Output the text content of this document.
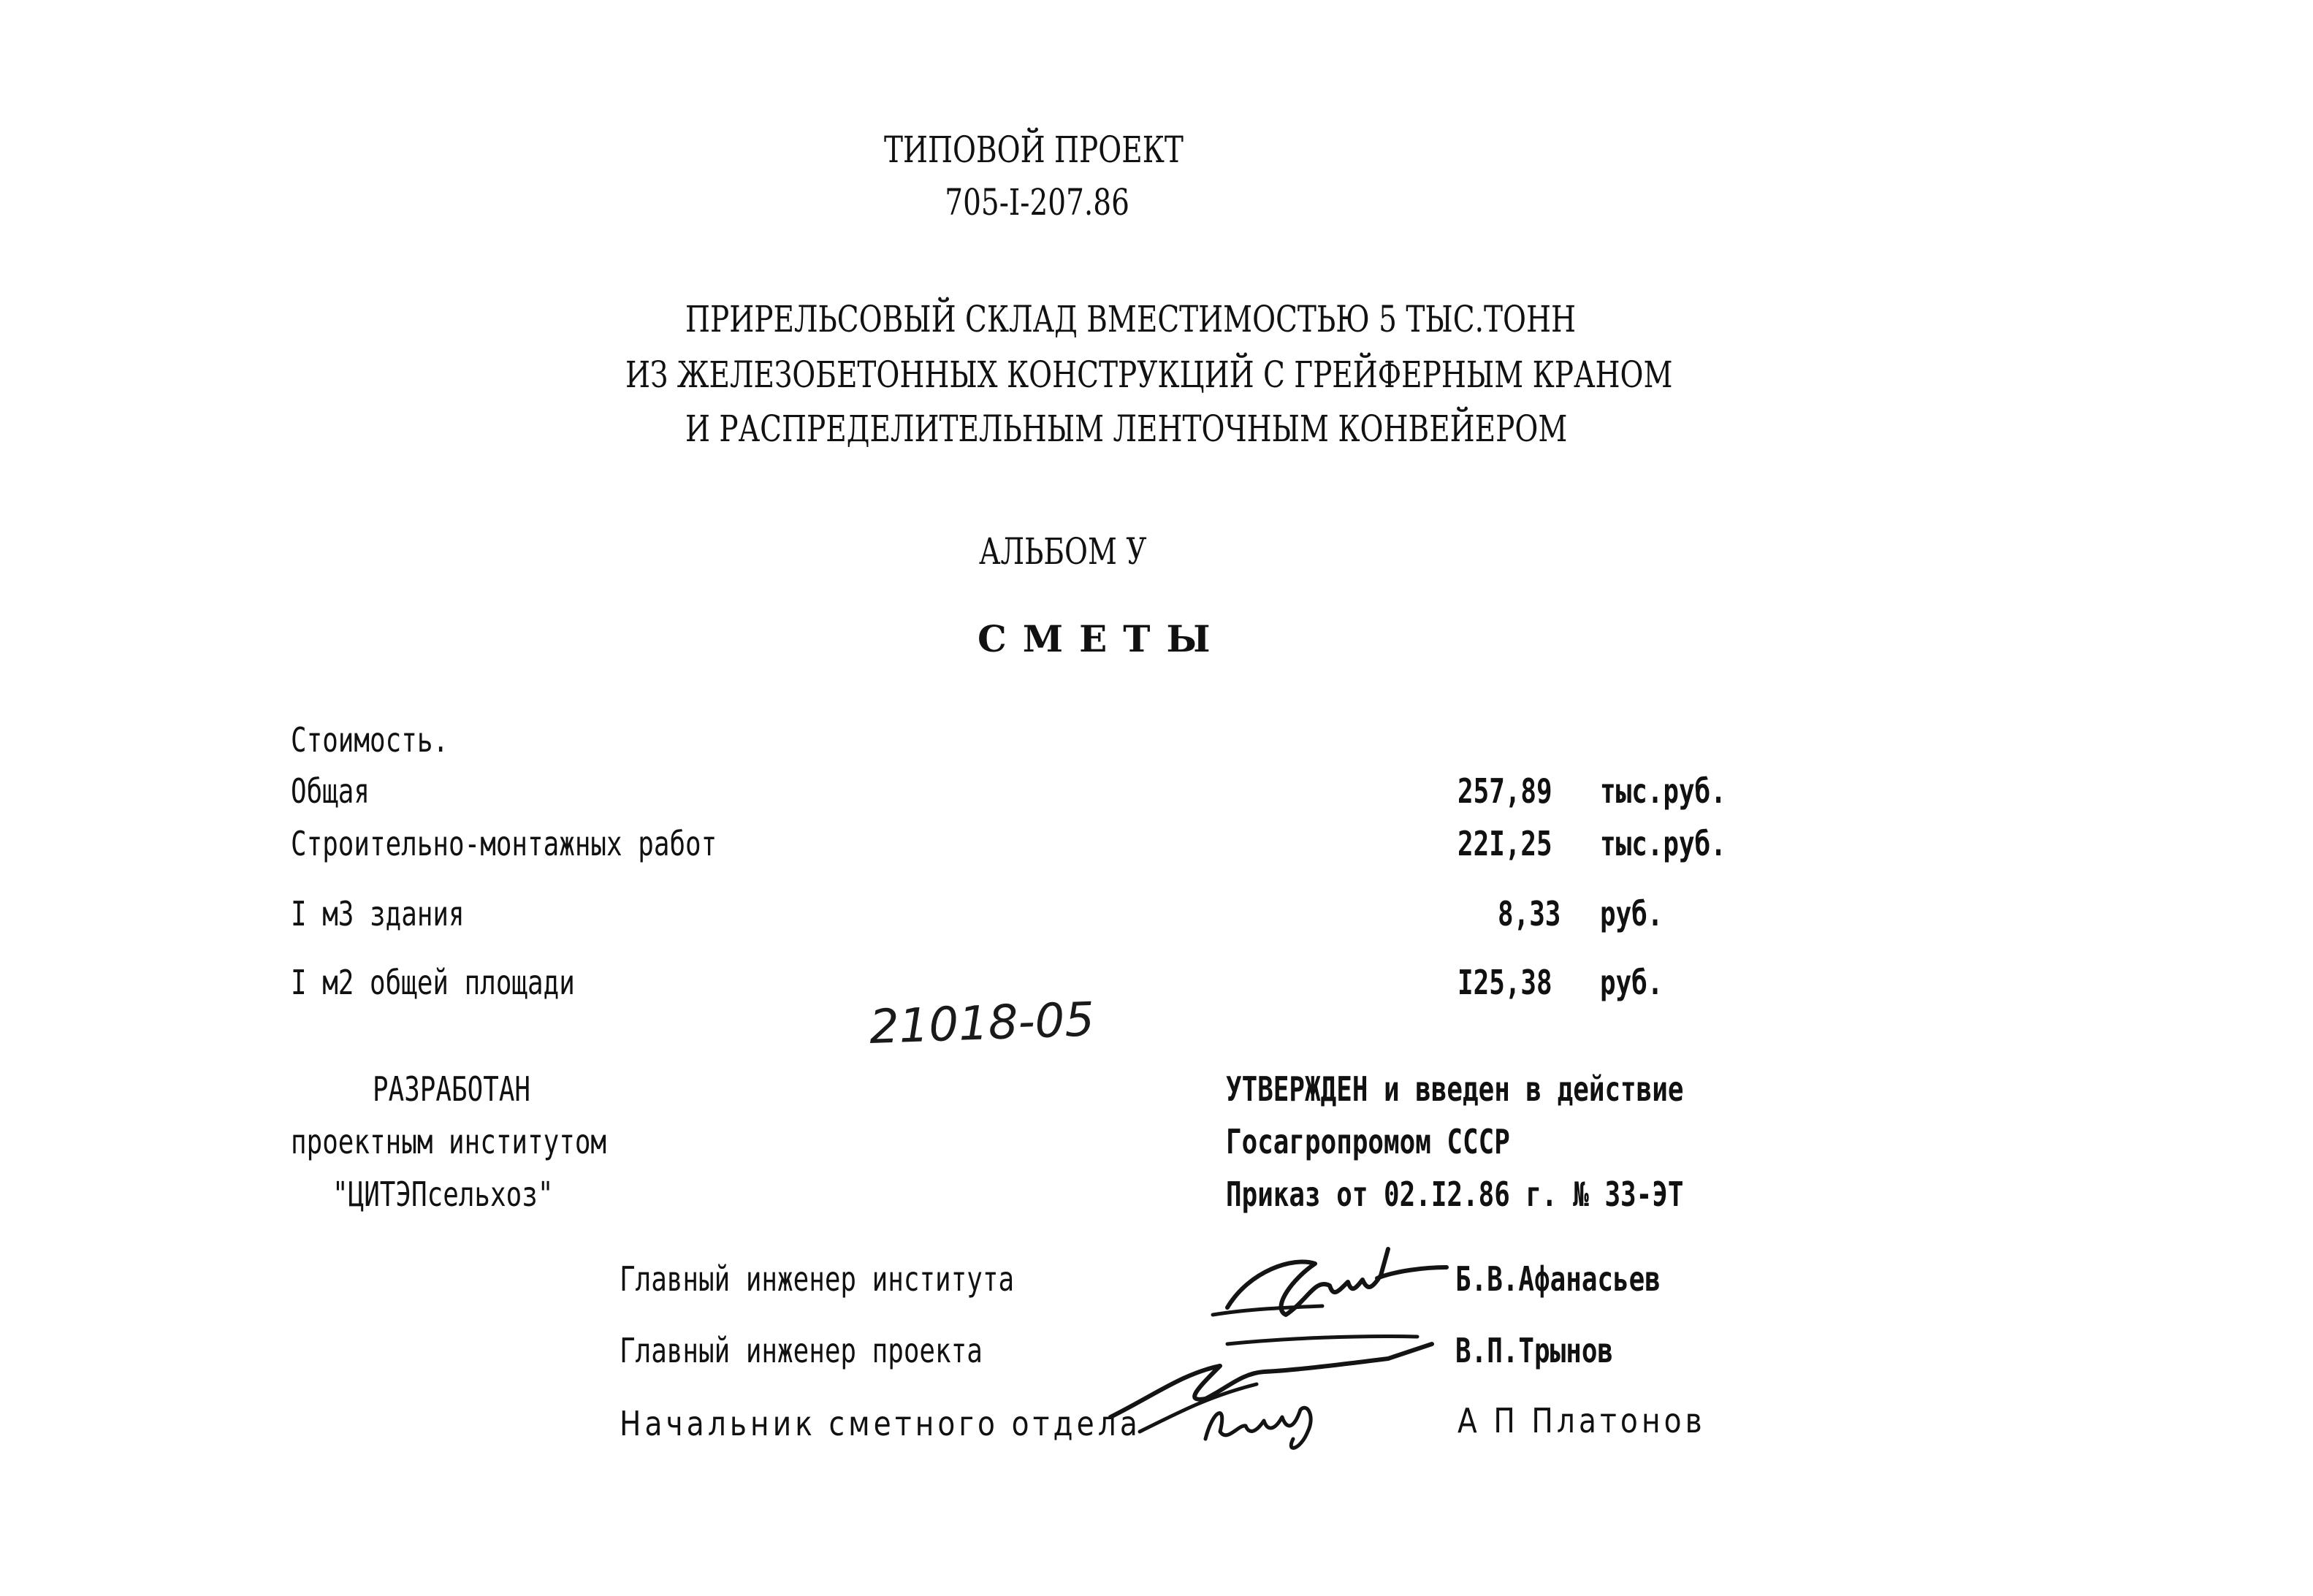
ТИПОВОЙ ПРОЕКТ
705-I-207.86
ПРИРЕЛЬСОВЫЙ СКЛАД ВМЕСТИМОСТЬЮ 5 ТЫС.ТОНН
ИЗ ЖЕЛЕЗОБЕТОННЫХ КОНСТРУКЦИЙ С ГРЕЙФЕРНЫМ КРАНОМ
И РАСПРЕДЕЛИТЕЛЬНЫМ ЛЕНТОЧНЫМ КОНВЕЙЕРОМ
АЛЬБОМ У
СМЕТЫ
Стоимость.
Общая	257,89 тыс.руб.
Строительно-монтажных работ	22I,25 тыс.руб.
I м3 здания	8,33 руб.
I м2 общей площади	I25,38 руб.
21018-05
РАЗРАБОТАН
проектным институтом
"ЦИТЭПсельхоз"
УТВЕРЖДЕН и введен в действие
Госагропромом СССР
Приказ от 02.I2.86 г. № 33-ЭТ
Главный инженер института	Б.В.Афанасьев
Главный инженер проекта	В.П.Трынов
Начальник сметного отдела	А П Платонов
